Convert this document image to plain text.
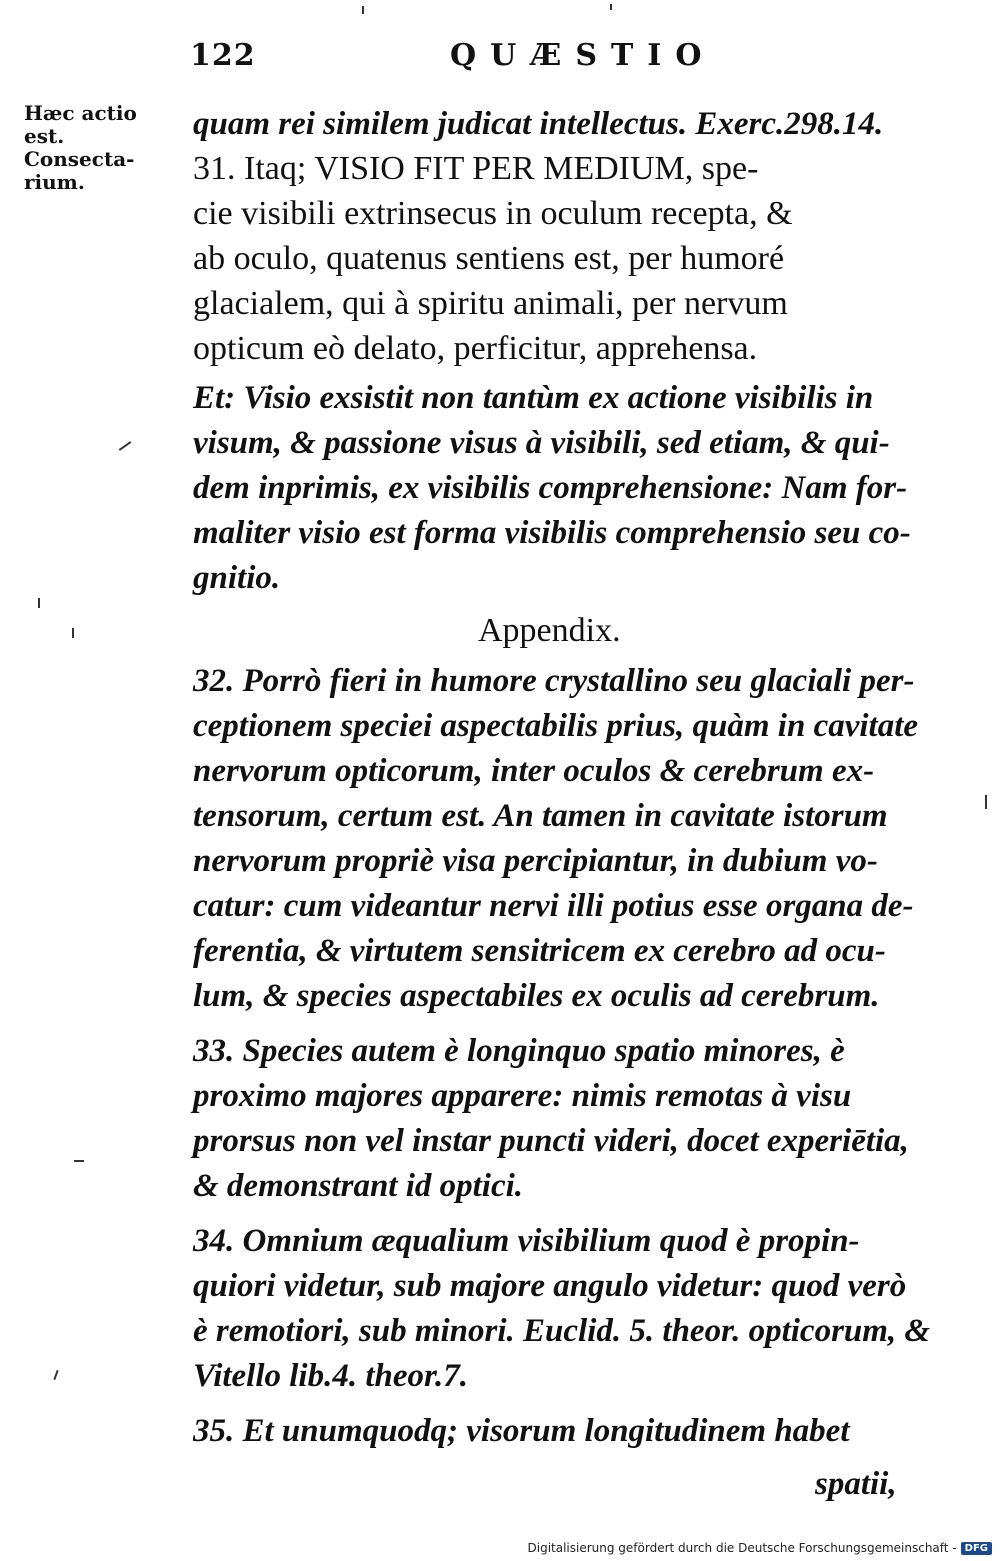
122	QUÆSTIO
Hæc actio
est.
Consecta-
rium.
quam rei similem judicat intellectus. Exerc.298.14.
31. Itaq; VISIO FIT PER MEDIUM, spe-
cie visibili extrinsecus in oculum recepta, &
ab oculo, quatenus sentiens est, per humoré
glacialem, qui à spiritu animali, per nervum
opticum eò delato, perficitur, apprehensa.
Et: Visio exsistit non tantùm ex actione visibilis in
visum, & passione visus à visibili, sed etiam, & qui-
dem inprimis, ex visibilis comprehensione: Nam for-
maliter visio est forma visibilis comprehensio seu co-
gnitio.
Appendix.
32. Porrò fieri in humore crystallino seu glaciali per-
ceptionem speciei aspectabilis prius, quàm in cavitate
nervorum opticorum, inter oculos & cerebrum ex-
tensorum, certum est. An tamen in cavitate istorum
nervorum propriè visa percipiantur, in dubium vo-
catur: cum videantur nervi illi potius esse organa de-
ferentia, & virtutem sensitricem ex cerebro ad ocu-
lum, & species aspectabiles ex oculis ad cerebrum.
33. Species autem è longinquo spatio minores, è
proximo majores apparere: nimis remotas à visu
prorsus non vel instar puncti videri, docet experiētia,
& demonstrant id optici.
34. Omnium æqualium visibilium quod è propin-
quiori videtur, sub majore angulo videtur: quod verò
è remotiori, sub minori. Euclid. 5. theor. opticorum, &
Vitello lib.4. theor.7.
35. Et unumquodq; visorum longitudinem habet
spatii,
Digitalisierung gefördert durch die Deutsche Forschungsgemeinschaft - DFG
